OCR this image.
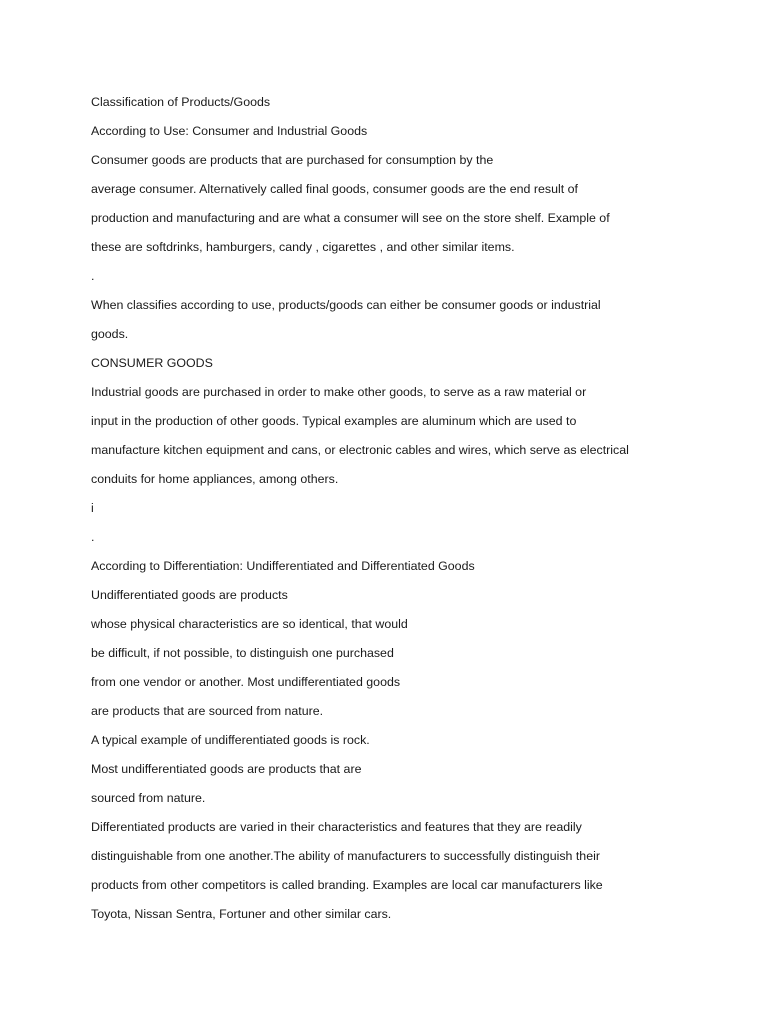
Classification of Products/Goods
According to Use: Consumer and Industrial Goods
Consumer goods are products that are purchased for consumption by the
average consumer. Alternatively called final goods, consumer goods are the end result of
production and manufacturing and are what a consumer will see on the store shelf. Example of
these are softdrinks, hamburgers, candy , cigarettes , and other similar items.
.
When classifies according to use, products/goods can either be consumer goods or industrial
goods.
CONSUMER GOODS
Industrial goods are purchased in order to make other goods, to serve as a raw material or
input in the production of other goods. Typical examples are aluminum which are used to
manufacture kitchen equipment and cans, or electronic cables and wires, which serve as electrical
conduits for home appliances, among others.
i
.
According to Differentiation: Undifferentiated and Differentiated Goods
Undifferentiated goods are products
whose physical characteristics are so identical, that would
be difficult, if not possible, to distinguish one purchased
from one vendor or another. Most undifferentiated goods
are products that are sourced from nature.
A typical example of undifferentiated goods is rock.
Most undifferentiated goods are products that are
sourced from nature.
Differentiated products are varied in their characteristics and features that they are readily
distinguishable from one another.The ability of manufacturers to successfully distinguish their
products from other competitors is called branding. Examples are local car manufacturers like
Toyota, Nissan Sentra, Fortuner and other similar cars.
